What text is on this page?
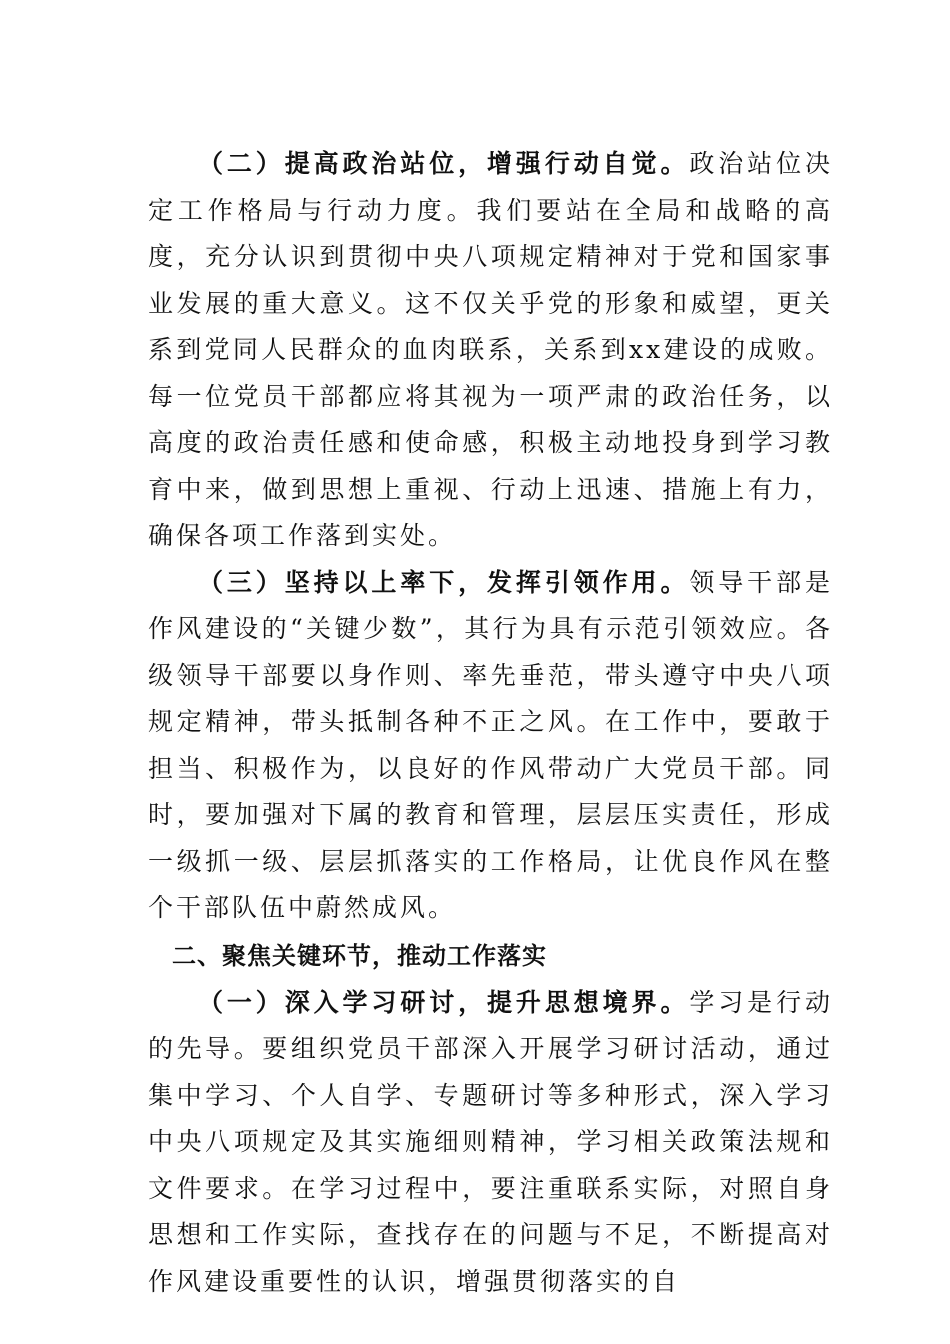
（二）提高政治站位，增强行动自觉。政治站位决定工作格局与行动力度。我们要站在全局和战略的高度，充分认识到贯彻中央八项规定精神对于党和国家事业发展的重大意义。这不仅关乎党的形象和威望，更关系到党同人民群众的血肉联系，关系到xx建设的成败。每一位党员干部都应将其视为一项严肃的政治任务，以高度的政治责任感和使命感，积极主动地投身到学习教育中来，做到思想上重视、行动上迅速、措施上有力，确保各项工作落到实处。

（三）坚持以上率下，发挥引领作用。领导干部是作风建设的“关键少数”，其行为具有示范引领效应。各级领导干部要以身作则、率先垂范，带头遵守中央八项规定精神，带头抵制各种不正之风。在工作中，要敢于担当、积极作为，以良好的作风带动广大党员干部。同时，要加强对下属的教育和管理，层层压实责任，形成一级抓一级、层层抓落实的工作格局，让优良作风在整个干部队伍中蔚然成风。

二、聚焦关键环节，推动工作落实

（一）深入学习研讨，提升思想境界。学习是行动的先导。要组织党员干部深入开展学习研讨活动，通过集中学习、个人自学、专题研讨等多种形式，深入学习中央八项规定及其实施细则精神，学习相关政策法规和文件要求。在学习过程中，要注重联系实际，对照自身思想和工作实际，查找存在的问题与不足，不断提高对作风建设重要性的认识，增强贯彻落实的自
